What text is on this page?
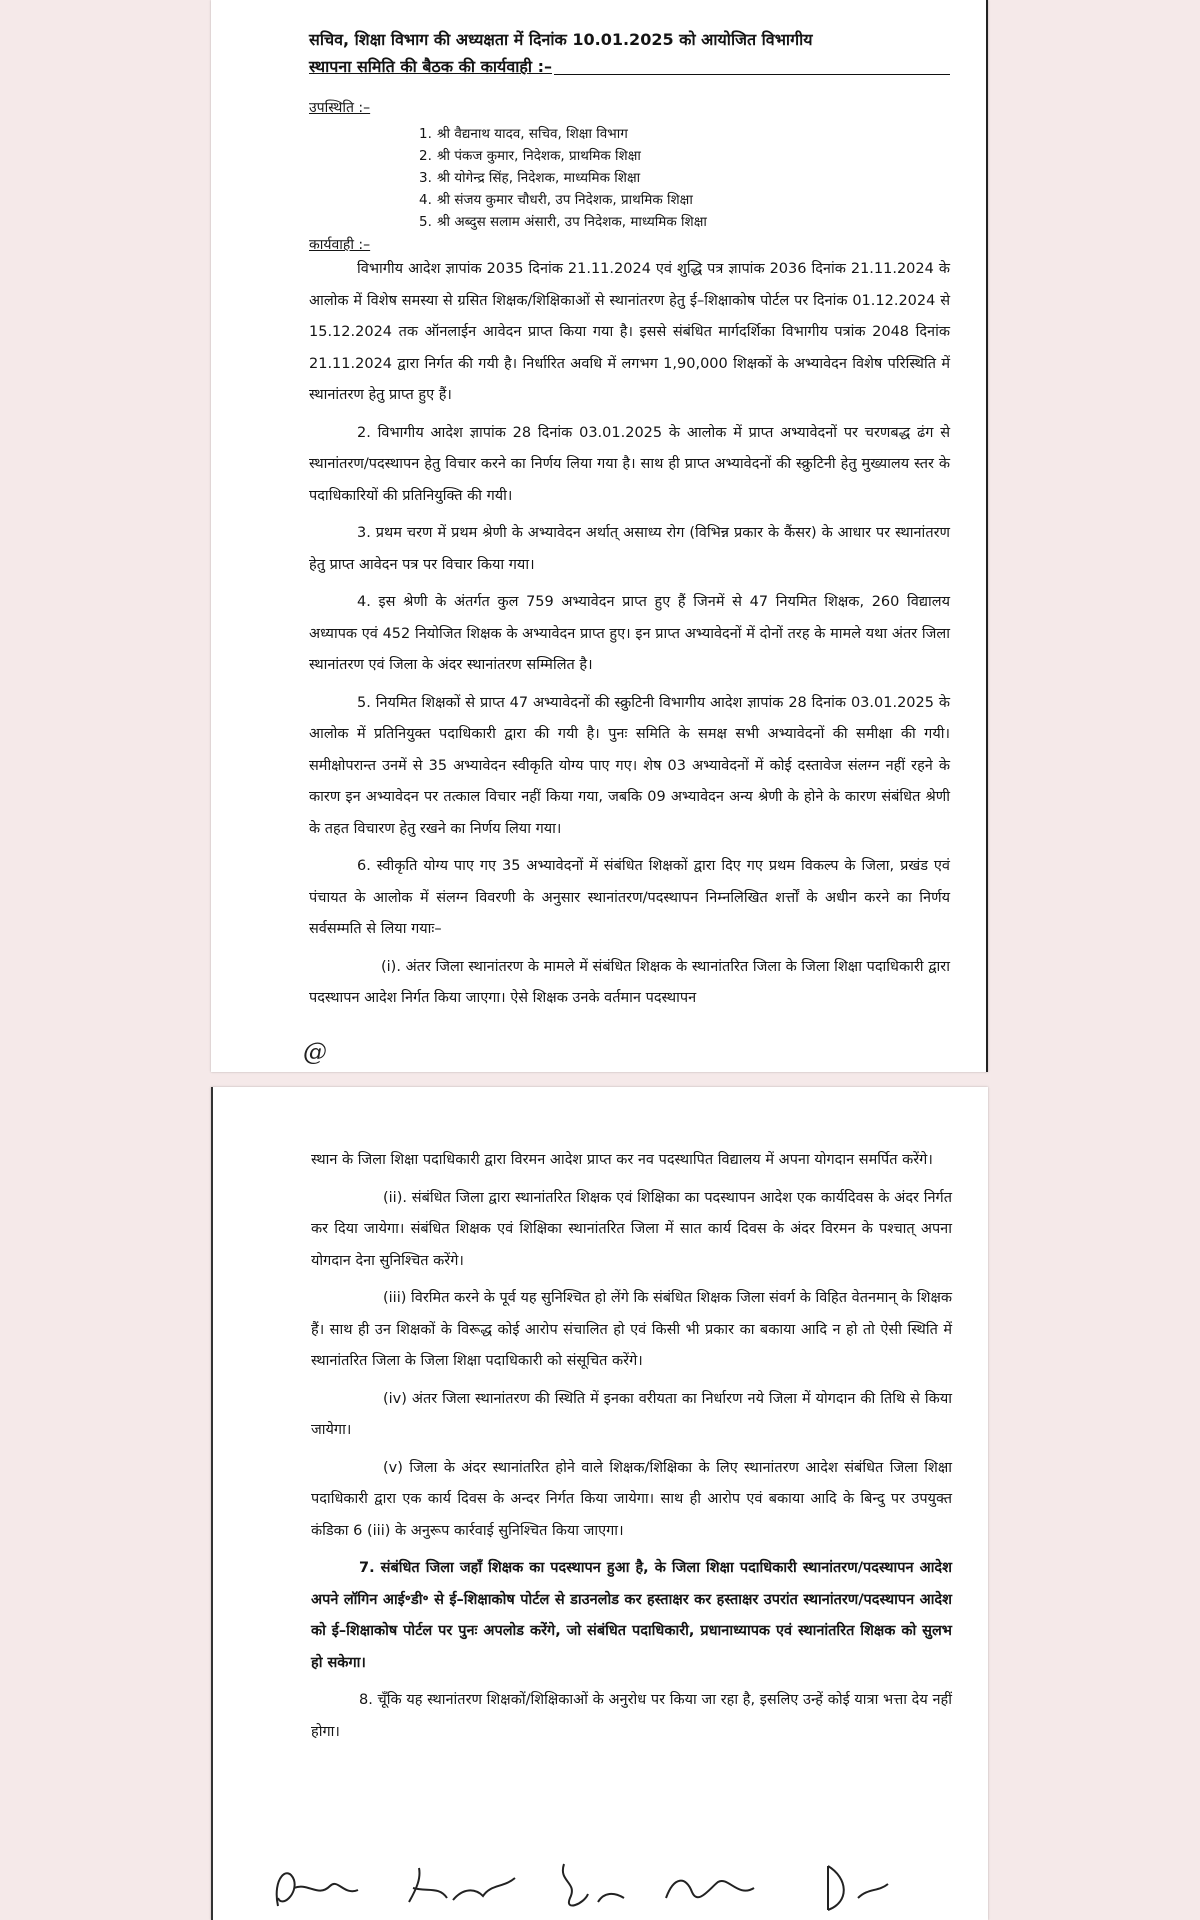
सचिव, शिक्षा विभाग की अध्यक्षता में दिनांक 10.01.2025 को आयोजित विभागीय
स्थापना समिति की बैठक की कार्यवाही :–
उपस्थिति :–
1. श्री वैद्यनाथ यादव, सचिव, शिक्षा विभाग
2. श्री पंकज कुमार, निदेशक, प्राथमिक शिक्षा
3. श्री योगेन्द्र सिंह, निदेशक, माध्यमिक शिक्षा
4. श्री संजय कुमार चौधरी, उप निदेशक, प्राथमिक शिक्षा
5. श्री अब्दुस सलाम अंसारी, उप निदेशक, माध्यमिक शिक्षा
कार्यवाही :–

विभागीय आदेश ज्ञापांक 2035 दिनांक 21.11.2024 एवं शुद्धि पत्र ज्ञापांक 2036 दिनांक 21.11.2024 के आलोक में विशेष समस्या से ग्रसित शिक्षक/शिक्षिकाओं से स्थानांतरण हेतु ई–शिक्षाकोष पोर्टल पर दिनांक 01.12.2024 से 15.12.2024 तक ऑनलाईन आवेदन प्राप्त किया गया है। इससे संबंधित मार्गदर्शिका विभागीय पत्रांक 2048 दिनांक 21.11.2024 द्वारा निर्गत की गयी है। निर्धारित अवधि में लगभग 1,90,000 शिक्षकों के अभ्यावेदन विशेष परिस्थिति में स्थानांतरण हेतु प्राप्त हुए हैं।

2. विभागीय आदेश ज्ञापांक 28 दिनांक 03.01.2025 के आलोक में प्राप्त अभ्यावेदनों पर चरणबद्ध ढंग से स्थानांतरण/पदस्थापन हेतु विचार करने का निर्णय लिया गया है। साथ ही प्राप्त अभ्यावेदनों की स्क्रुटिनी हेतु मुख्यालय स्तर के पदाधिकारियों की प्रतिनियुक्ति की गयी।

3. प्रथम चरण में प्रथम श्रेणी के अभ्यावेदन अर्थात् असाध्य रोग (विभिन्न प्रकार के कैंसर) के आधार पर स्थानांतरण हेतु प्राप्त आवेदन पत्र पर विचार किया गया।

4. इस श्रेणी के अंतर्गत कुल 759 अभ्यावेदन प्राप्त हुए हैं जिनमें से 47 नियमित शिक्षक, 260 विद्यालय अध्यापक एवं 452 नियोजित शिक्षक के अभ्यावेदन प्राप्त हुए। इन प्राप्त अभ्यावेदनों में दोनों तरह के मामले यथा अंतर जिला स्थानांतरण एवं जिला के अंदर स्थानांतरण सम्मिलित है।

5. नियमित शिक्षकों से प्राप्त 47 अभ्यावेदनों की स्क्रुटिनी विभागीय आदेश ज्ञापांक 28 दिनांक 03.01.2025 के आलोक में प्रतिनियुक्त पदाधिकारी द्वारा की गयी है। पुनः समिति के समक्ष सभी अभ्यावेदनों की समीक्षा की गयी। समीक्षोपरान्त उनमें से 35 अभ्यावेदन स्वीकृति योग्य पाए गए। शेष 03 अभ्यावेदनों में कोई दस्तावेज संलग्न नहीं रहने के कारण इन अभ्यावेदन पर तत्काल विचार नहीं किया गया, जबकि 09 अभ्यावेदन अन्य श्रेणी के होने के कारण संबंधित श्रेणी के तहत विचारण हेतु रखने का निर्णय लिया गया।

6. स्वीकृति योग्य पाए गए 35 अभ्यावेदनों में संबंधित शिक्षकों द्वारा दिए गए प्रथम विकल्प के जिला, प्रखंड एवं पंचायत के आलोक में संलग्न विवरणी के अनुसार स्थानांतरण/पदस्थापन निम्नलिखित शर्त्तों के अधीन करने का निर्णय सर्वसम्मति से लिया गयाः–

(i). अंतर जिला स्थानांतरण के मामले में संबंधित शिक्षक के स्थानांतरित जिला के जिला शिक्षा पदाधिकारी द्वारा पदस्थापन आदेश निर्गत किया जाएगा। ऐसे शिक्षक उनके वर्तमान पदस्थापन

@

स्थान के जिला शिक्षा पदाधिकारी द्वारा विरमन आदेश प्राप्त कर नव पदस्थापित विद्यालय में अपना योगदान समर्पित करेंगे।

(ii). संबंधित जिला द्वारा स्थानांतरित शिक्षक एवं शिक्षिका का पदस्थापन आदेश एक कार्यदिवस के अंदर निर्गत कर दिया जायेगा। संबंधित शिक्षक एवं शिक्षिका स्थानांतरित जिला में सात कार्य दिवस के अंदर विरमन के पश्चात् अपना योगदान देना सुनिश्चित करेंगे।

(iii) विरमित करने के पूर्व यह सुनिश्चित हो लेंगे कि संबंधित शिक्षक जिला संवर्ग के विहित वेतनमान् के शिक्षक हैं। साथ ही उन शिक्षकों के विरूद्ध कोई आरोप संचालित हो एवं किसी भी प्रकार का बकाया आदि न हो तो ऐसी स्थिति में स्थानांतरित जिला के जिला शिक्षा पदाधिकारी को संसूचित करेंगे।

(iv) अंतर जिला स्थानांतरण की स्थिति में इनका वरीयता का निर्धारण नये जिला में योगदान की तिथि से किया जायेगा।

(v) जिला के अंदर स्थानांतरित होने वाले शिक्षक/शिक्षिका के लिए स्थानांतरण आदेश संबंधित जिला शिक्षा पदाधिकारी द्वारा एक कार्य दिवस के अन्दर निर्गत किया जायेगा। साथ ही आरोप एवं बकाया आदि के बिन्दु पर उपयुक्त कंडिका 6 (iii) के अनुरूप कार्रवाई सुनिश्चित किया जाएगा।

7. संबंधित जिला जहाँ शिक्षक का पदस्थापन हुआ है, के जिला शिक्षा पदाधिकारी स्थानांतरण/पदस्थापन आदेश अपने लॉगिन आई॰डी॰ से ई–शिक्षाकोष पोर्टल से डाउनलोड कर हस्ताक्षर कर हस्ताक्षर उपरांत स्थानांतरण/पदस्थापन आदेश को ई–शिक्षाकोष पोर्टल पर पुनः अपलोड करेंगे, जो संबंधित पदाधिकारी, प्रधानाध्यापक एवं स्थानांतरित शिक्षक को सुलभ हो सकेगा।

8. चूँकि यह स्थानांतरण शिक्षकों/शिक्षिकाओं के अनुरोध पर किया जा रहा है, इसलिए उन्हें कोई यात्रा भत्ता देय नहीं होगा।
